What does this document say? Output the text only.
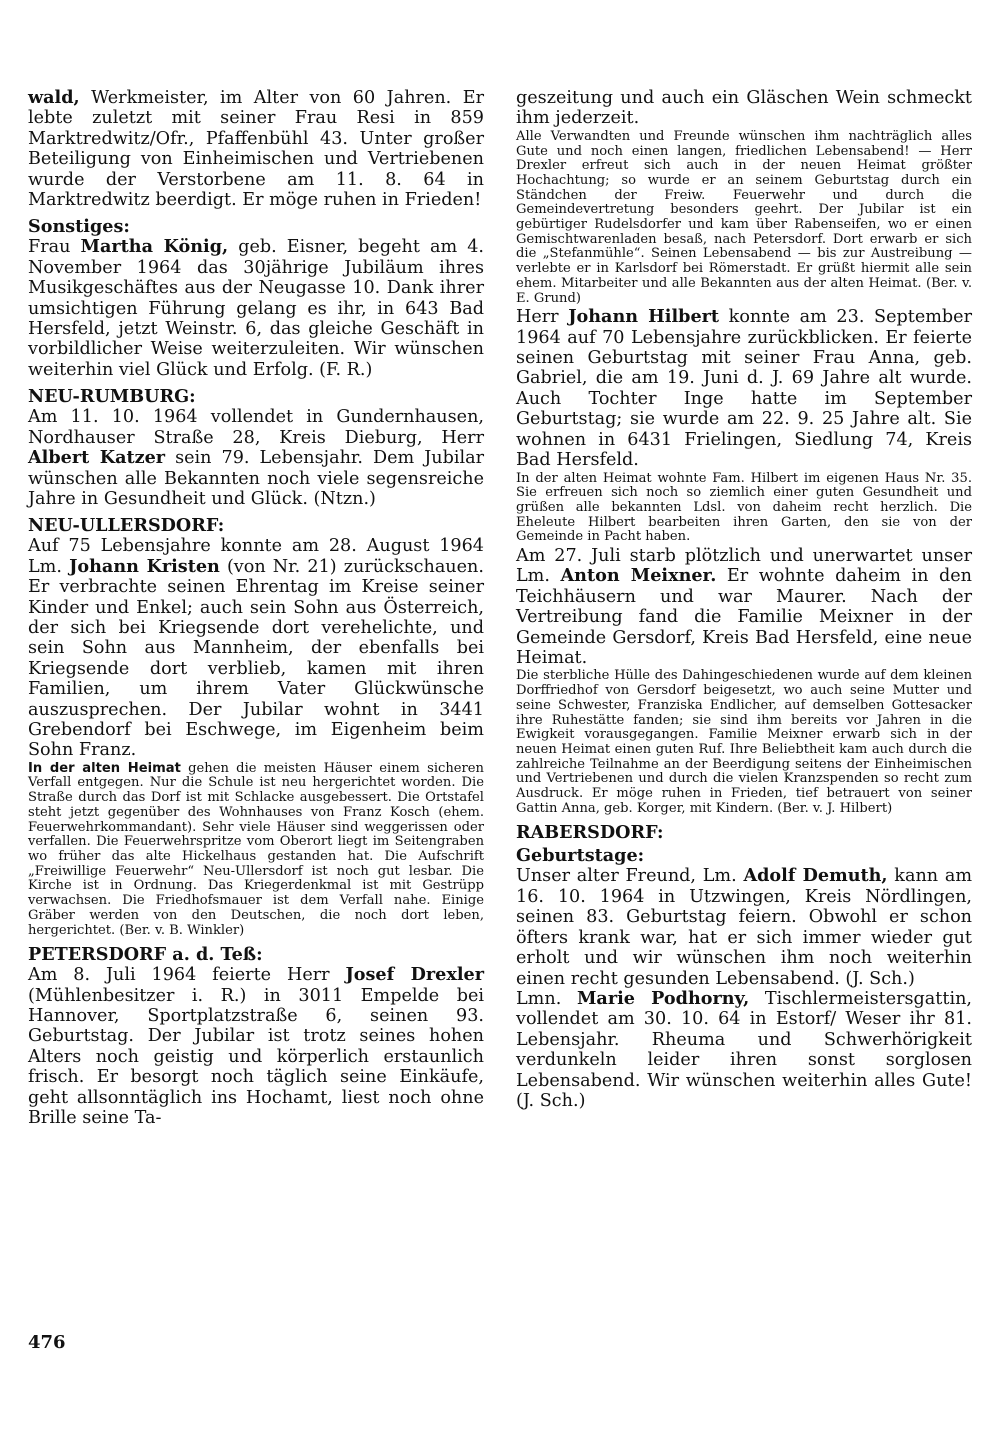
wald, Werkmeister, im Alter von 60 Jahren. Er lebte zuletzt mit seiner Frau Resi in 859 Marktredwitz/Ofr., Pfaffenbühl 43. Unter großer Beteiligung von Einheimischen und Vertriebenen wurde der Verstorbene am 11. 8. 64 in Marktredwitz beerdigt. Er möge ruhen in Frieden!

Sonstiges:

Frau Martha König, geb. Eisner, begeht am 4. November 1964 das 30jährige Jubiläum ihres Musikgeschäftes aus der Neugasse 10. Dank ihrer umsichtigen Führung gelang es ihr, in 643 Bad Hersfeld, jetzt Weinstr. 6, das gleiche Geschäft in vorbildlicher Weise weiterzuleiten. Wir wünschen weiterhin viel Glück und Erfolg. (F. R.)

NEU-RUMBURG:

Am 11. 10. 1964 vollendet in Gundernhausen, Nordhauser Straße 28, Kreis Dieburg, Herr Albert Katzer sein 79. Lebensjahr. Dem Jubilar wünschen alle Bekannten noch viele segensreiche Jahre in Gesundheit und Glück. (Ntzn.)

NEU-ULLERSDORF:

Auf 75 Lebensjahre konnte am 28. August 1964 Lm. Johann Kristen (von Nr. 21) zurückschauen. Er verbrachte seinen Ehrentag im Kreise seiner Kinder und Enkel; auch sein Sohn aus Österreich, der sich bei Kriegsende dort verehelichte, und sein Sohn aus Mannheim, der ebenfalls bei Kriegsende dort verblieb, kamen mit ihren Familien, um ihrem Vater Glückwünsche auszusprechen. Der Jubilar wohnt in 3441 Grebendorf bei Eschwege, im Eigenheim beim Sohn Franz.

In der alten Heimat gehen die meisten Häuser einem sicheren Verfall entgegen. Nur die Schule ist neu hergerichtet worden. Die Straße durch das Dorf ist mit Schlacke ausgebessert. Die Ortstafel steht jetzt gegenüber des Wohnhauses von Franz Kosch (ehem. Feuerwehrkommandant). Sehr viele Häuser sind weggerissen oder verfallen. Die Feuerwehrspritze vom Oberort liegt im Seitengraben wo früher das alte Hickelhaus gestanden hat. Die Aufschrift „Freiwillige Feuerwehr“ Neu-Ullersdorf ist noch gut lesbar. Die Kirche ist in Ordnung. Das Kriegerdenkmal ist mit Gestrüpp verwachsen. Die Friedhofsmauer ist dem Verfall nahe. Einige Gräber werden von den Deutschen, die noch dort leben, hergerichtet. (Ber. v. B. Winkler)

PETERSDORF a. d. Teß:

Am 8. Juli 1964 feierte Herr Josef Drexler (Mühlenbesitzer i. R.) in 3011 Empelde bei Hannover, Sportplatzstraße 6, seinen 93. Geburtstag. Der Jubilar ist trotz seines hohen Alters noch geistig und körperlich erstaunlich frisch. Er besorgt noch täglich seine Einkäufe, geht allsonntäglich ins Hochamt, liest noch ohne Brille seine Ta-

geszeitung und auch ein Gläschen Wein schmeckt ihm jederzeit.

Alle Verwandten und Freunde wünschen ihm nachträglich alles Gute und noch einen langen, friedlichen Lebensabend! — Herr Drexler erfreut sich auch in der neuen Heimat größter Hochachtung; so wurde er an seinem Geburtstag durch ein Ständchen der Freiw. Feuerwehr und durch die Gemeindevertretung besonders geehrt. Der Jubilar ist ein gebürtiger Rudelsdorfer und kam über Rabenseifen, wo er einen Gemischtwarenladen besaß, nach Petersdorf. Dort erwarb er sich die „Stefanmühle“. Seinen Lebensabend — bis zur Austreibung — verlebte er in Karlsdorf bei Römerstadt. Er grüßt hiermit alle sein ehem. Mitarbeiter und alle Bekannten aus der alten Heimat. (Ber. v. E. Grund)

Herr Johann Hilbert konnte am 23. September 1964 auf 70 Lebensjahre zurückblicken. Er feierte seinen Geburtstag mit seiner Frau Anna, geb. Gabriel, die am 19. Juni d. J. 69 Jahre alt wurde. Auch Tochter Inge hatte im September Geburtstag; sie wurde am 22. 9. 25 Jahre alt. Sie wohnen in 6431 Frielingen, Siedlung 74, Kreis Bad Hersfeld.

In der alten Heimat wohnte Fam. Hilbert im eigenen Haus Nr. 35. Sie erfreuen sich noch so ziemlich einer guten Gesundheit und grüßen alle bekannten Ldsl. von daheim recht herzlich. Die Eheleute Hilbert bearbeiten ihren Garten, den sie von der Gemeinde in Pacht haben.

Am 27. Juli starb plötzlich und unerwartet unser Lm. Anton Meixner. Er wohnte daheim in den Teichhäusern und war Maurer. Nach der Vertreibung fand die Familie Meixner in der Gemeinde Gersdorf, Kreis Bad Hersfeld, eine neue Heimat.

Die sterbliche Hülle des Dahingeschiedenen wurde auf dem kleinen Dorffriedhof von Gersdorf beigesetzt, wo auch seine Mutter und seine Schwester, Franziska Endlicher, auf demselben Gottesacker ihre Ruhestätte fanden; sie sind ihm bereits vor Jahren in die Ewigkeit vorausgegangen. Familie Meixner erwarb sich in der neuen Heimat einen guten Ruf. Ihre Beliebtheit kam auch durch die zahlreiche Teilnahme an der Beerdigung seitens der Einheimischen und Vertriebenen und durch die vielen Kranzspenden so recht zum Ausdruck. Er möge ruhen in Frieden, tief betrauert von seiner Gattin Anna, geb. Korger, mit Kindern. (Ber. v. J. Hilbert)

RABERSDORF:
Geburtstage:

Unser alter Freund, Lm. Adolf Demuth, kann am 16. 10. 1964 in Utzwingen, Kreis Nördlingen, seinen 83. Geburtstag feiern. Obwohl er schon öfters krank war, hat er sich immer wieder gut erholt und wir wünschen ihm noch weiterhin einen recht gesunden Lebensabend. (J. Sch.)

Lmn. Marie Podhorny, Tischlermeistersgattin, vollendet am 30. 10. 64 in Estorf/ Weser ihr 81. Lebensjahr. Rheuma und Schwerhörigkeit verdunkeln leider ihren sonst sorglosen Lebensabend. Wir wünschen weiterhin alles Gute! (J. Sch.)

476
